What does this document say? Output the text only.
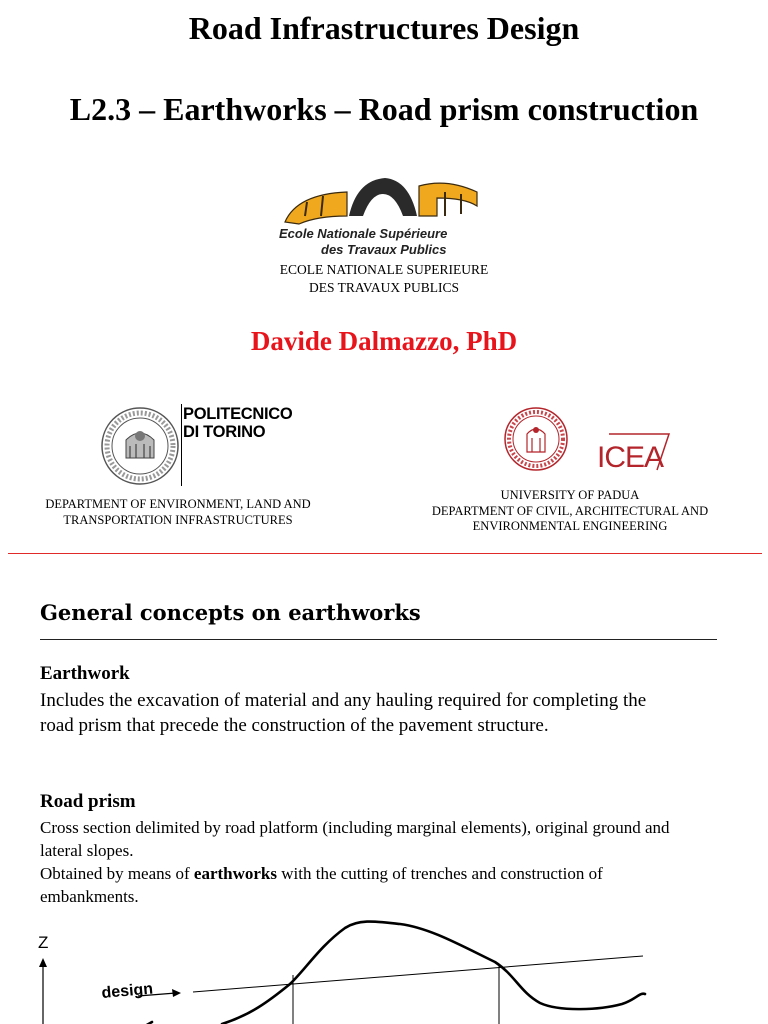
Road Infrastructures Design
L2.3 – Earthworks – Road prism construction
Ecole Nationale Supérieure
des Travaux Publics
ECOLE NATIONALE SUPERIEURE
DES TRAVAUX PUBLICS
Davide Dalmazzo, PhD
POLITECNICO
DI TORINO
DEPARTMENT OF ENVIRONMENT, LAND AND
TRANSPORTATION INFRASTRUCTURES
ICEA
UNIVERSITY OF PADUA
DEPARTMENT OF CIVIL, ARCHITECTURAL AND
ENVIRONMENTAL ENGINEERING
General concepts on earthworks
Earthwork
Includes the excavation of material and any hauling required for completing the road prism that precede the construction of the pavement structure.
Road prism
Cross section delimited by road platform (including marginal elements), original ground and lateral slopes.
Obtained by means of earthworks with the cutting of trenches and construction of embankments.
Z
design
